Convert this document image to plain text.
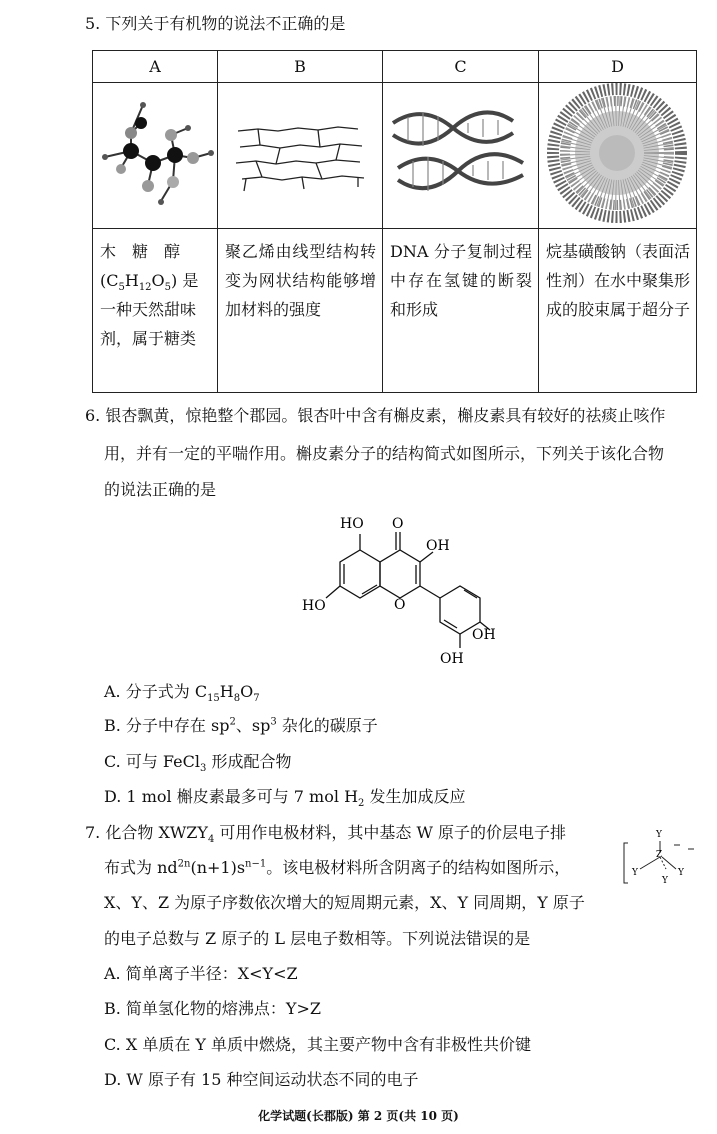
5. 下列关于有机物的说法不正确的是
A	B	C	D

木　糖　醇
$(C_5H_{12}O_5)$ 是
一种天然甜味
剂，属于糖类	聚乙烯由线型结构转变为网状结构能够增加材料的强度	DNA 分子复制过程中存在氢键的断裂和形成	烷基磺酸钠（表面活性剂）在水中聚集形成的胶束属于超分子
6. 银杏飘黄，惊艳整个郡园。银杏叶中含有槲皮素，槲皮素具有较好的祛痰止咳作
用，并有一定的平喘作用。槲皮素分子的结构简式如图所示，下列关于该化合物
的说法正确的是
HO O
OH
HO	O
OH
OH
A. 分子式为 $C_{15}H_8O_7$
B. 分子中存在 $sp^2$、$sp^3$ 杂化的碳原子
C. 可与 FeCl$_3$ 形成配合物
D. 1 mol 槲皮素最多可与 7 mol $H_2$ 发生加成反应
7. 化合物 $XWZY_4$ 可用作电极材料，其中基态 W 原子的价层电子排
布式为 $nd^{2n}(n+1)s^{n-1}$。该电极材料所含阴离子的结构如图所示，
X、Y、Z 为原子序数依次增大的短周期元素，X、Y 同周期，Y 原子
的电子总数与 Z 原子的 L 层电子数相等。下列说法错误的是
Y
Z
Y	Y
Y
A. 简单离子半径：X<Y<Z
B. 简单氢化物的熔沸点：Y>Z
C. X 单质在 Y 单质中燃烧，其主要产物中含有非极性共价键
D. W 原子有 15 种空间运动状态不同的电子
化学试题(长郡版) 第 2 页(共 10 页)
